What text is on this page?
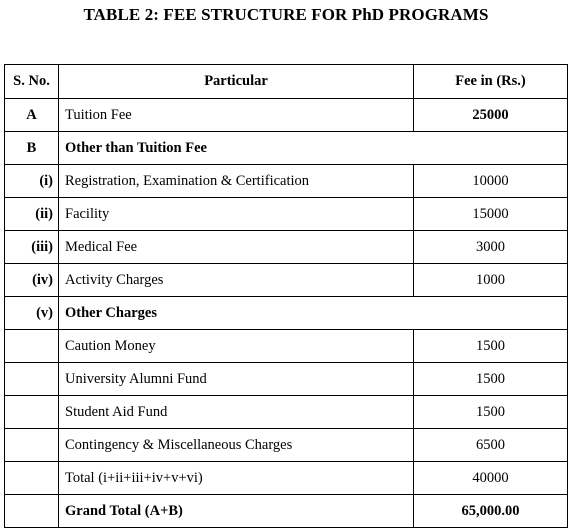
TABLE 2: FEE STRUCTURE FOR PhD PROGRAMS
S. No.	Particular	Fee in (Rs.)
A	Tuition Fee	25000
B	Other than Tuition Fee	
(i)	Registration, Examination & Certification	10000
(ii)	Facility	15000
(iii)	Medical Fee	3000
(iv)	Activity Charges	1000
(v)	Other Charges	
	Caution Money	1500
	University Alumni Fund	1500
	Student Aid Fund	1500
	Contingency & Miscellaneous Charges	6500
	Total (i+ii+iii+iv+v+vi)	40000
	Grand Total (A+B)	65,000.00
